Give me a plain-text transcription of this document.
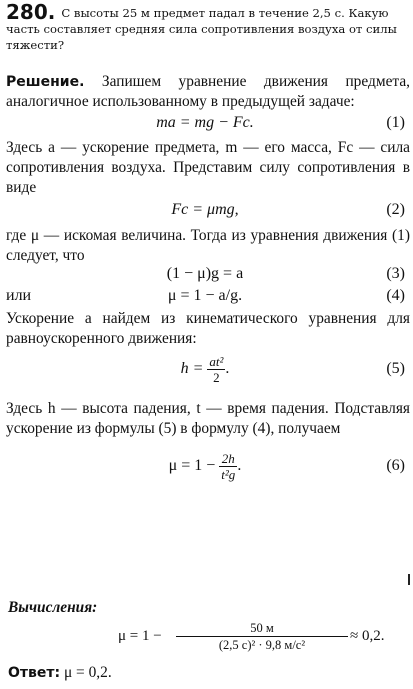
280. С высоты 25 м предмет падал в течение 2,5 с. Какую часть составляет средняя сила сопротивления воздуха от силы тяжести?
Решение. Запишем уравнение движения предмета, аналогичное использованному в предыдущей задаче:
ma = mg − Fc.	(1)
Здесь a — ускорение предмета, m — его масса, Fc — сила сопротивления воздуха. Представим силу сопротивления в виде
Fc = μmg,	(2)
где μ — искомая величина. Тогда из уравнения движения (1) следует, что
(1 − μ)g = a	(3)
или	μ = 1 − a/g.	(4)
Ускорение a найдем из кинематического уравнения для равноускоренного движения:
$h = \frac{\text{at²}}{2}$ .	(5)
Здесь h — высота падения, t — время падения. Подставляя ускорение из формулы (5) в формулу (4), получаем
$\mu = 1 - \frac{2h}{\text{t²g}}$ .	(6)
Вычисления:
μ = 1 −	50 м
(2,5 с)² · 9,8 м/с²
≈ 0,2.
Ответ: μ = 0,2.
